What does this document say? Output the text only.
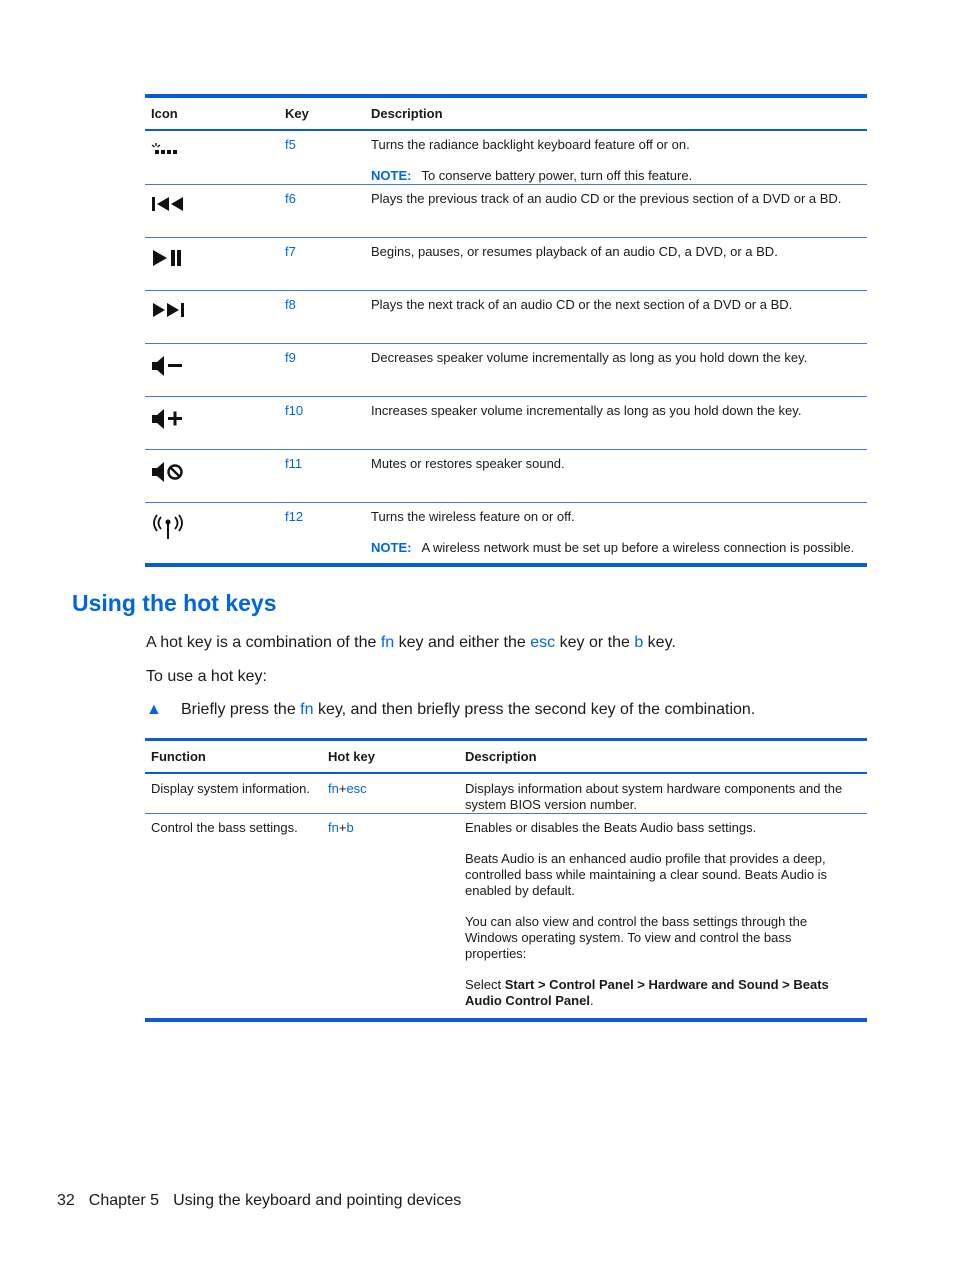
Icon	Key	Description
	f5	Turns the radiance backlight keyboard feature off or on.
NOTE: To conserve battery power, turn off this feature.

	f6	Plays the previous track of an audio CD or the previous section of a DVD or a BD.
	f7	Begins, pauses, or resumes playback of an audio CD, a DVD, or a BD.
	f8	Plays the next track of an audio CD or the next section of a DVD or a BD.
	f9	Decreases speaker volume incrementally as long as you hold down the key.
	f10	Increases speaker volume incrementally as long as you hold down the key.
	f11	Mutes or restores speaker sound.
	f12	Turns the wireless feature on or off.
NOTE: A wireless network must be set up before a wireless connection is possible.
Using the hot keys

A hot key is a combination of the fn key and either the esc key or the b key.

To use a hot key:

▲	Briefly press the fn key, and then briefly press the second key of the combination.
Function	Hot key	Description
Display system information.	fn+esc	Displays information about system hardware components and the system BIOS version number.
Control the bass settings.	fn+b	Enables or disables the Beats Audio bass settings.

Beats Audio is an enhanced audio profile that provides a deep, controlled bass while maintaining a clear sound. Beats Audio is enabled by default.

You can also view and control the bass settings through the Windows operating system. To view and control the bass properties:

Select Start > Control Panel > Hardware and Sound > Beats Audio Control Panel.

32 Chapter 5 Using the keyboard and pointing devices
